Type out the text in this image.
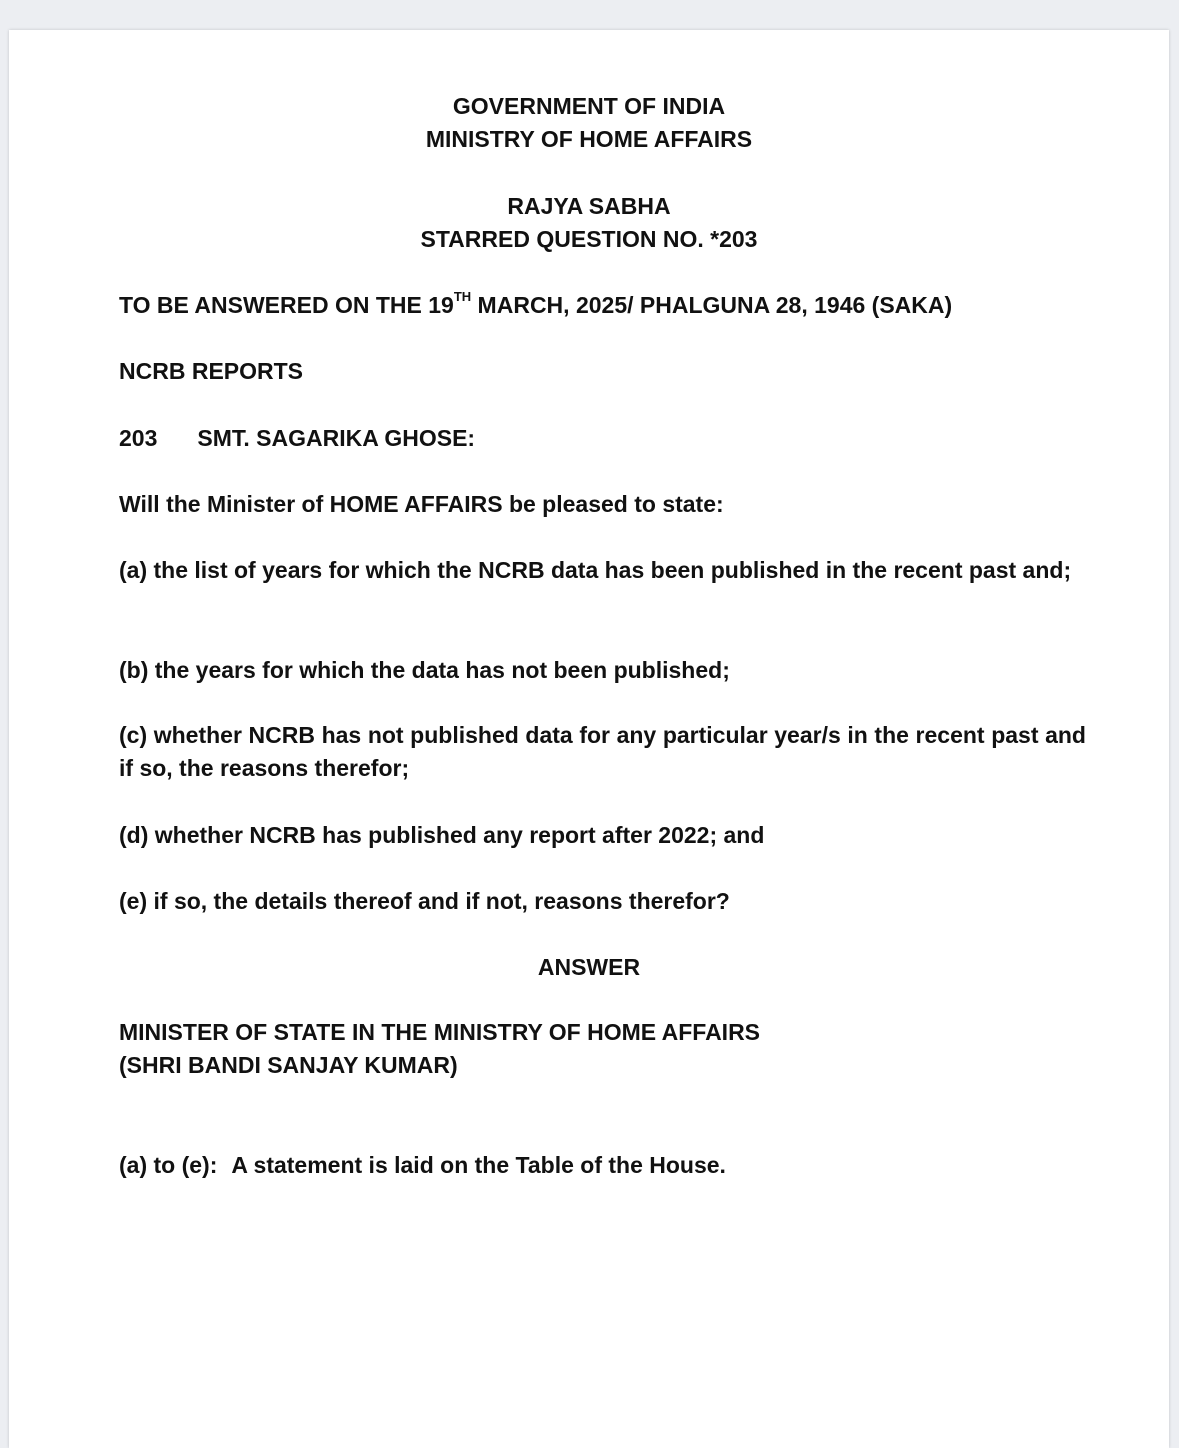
GOVERNMENT OF INDIA
MINISTRY OF HOME AFFAIRS
RAJYA SABHA
STARRED QUESTION NO. *203
TO BE ANSWERED ON THE 19TH MARCH, 2025/ PHALGUNA 28, 1946 (SAKA)
NCRB REPORTS
203 SMT. SAGARIKA GHOSE:
Will the Minister of HOME AFFAIRS be pleased to state:
(a) the list of years for which the NCRB data has been published in the recent past and;
(b) the years for which the data has not been published;
(c) whether NCRB has not published data for any particular year/s in the recent past and if so, the reasons therefor;
(d) whether NCRB has published any report after 2022; and
(e) if so, the details thereof and if not, reasons therefor?
ANSWER
MINISTER OF STATE IN THE MINISTRY OF HOME AFFAIRS
(SHRI BANDI SANJAY KUMAR)
(a) to (e): A statement is laid on the Table of the House.
